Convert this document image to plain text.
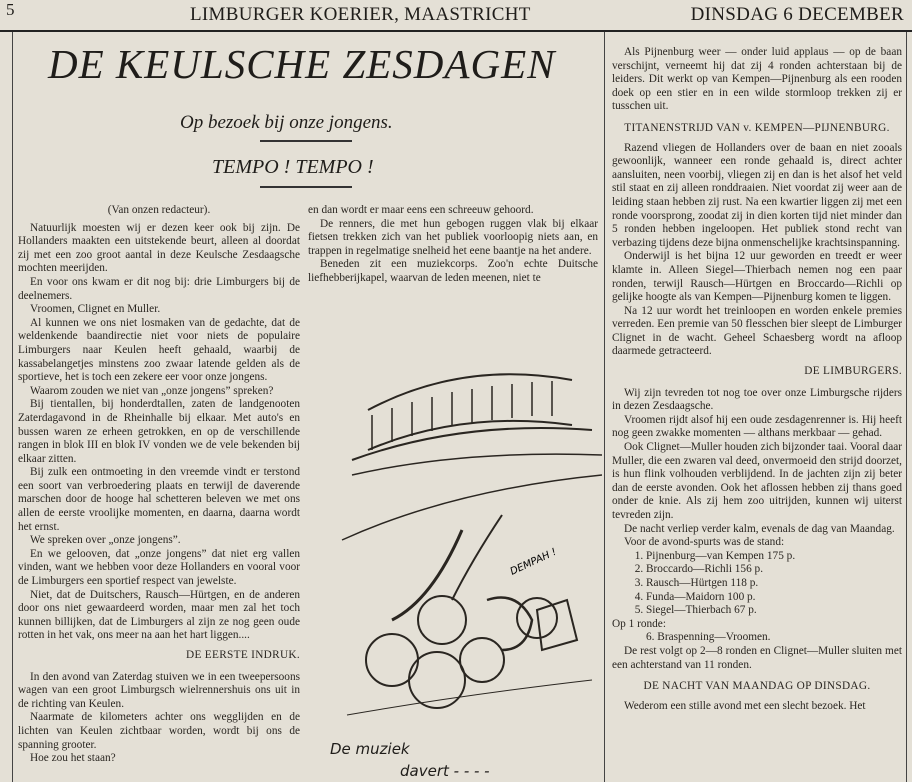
5	LIMBURGER KOERIER, MAASTRICHT	DINSDAG 6 DECEMBER
DE KEULSCHE ZESDAGEN
Op bezoek bij onze jongens.
TEMPO ! TEMPO !
(Van onzen redacteur).

Natuurlijk moesten wij er dezen keer ook bij zijn. De Hollanders maakten een uitstekende beurt, alleen al doordat zij met een zoo groot aantal in deze Keulsche Zesdaagsche mochten meerijden.

En voor ons kwam er dit nog bij: drie Limburgers bij de deelnemers.

Vroomen, Clignet en Muller.

Al kunnen we ons niet losmaken van de gedachte, dat de weldenkende baandirectie niet voor niets de populaire Limburgers naar Keulen heeft gehaald, waarbij de kassabelangetjes minstens zoo zwaar latende gelden als de sportieve, het is toch een zekere eer voor onze jongens.

Waarom zouden we niet van „onze jongens” spreken?

Bij tientallen, bij honderdtallen, zaten de landgenooten Zaterdagavond in de Rheinhalle bij elkaar. Met auto's en bussen waren ze erheen getrokken, en op de verschillende rangen in blok III en blok IV vonden we de vele bekenden bij elkaar zitten.

Bij zulk een ontmoeting in den vreemde vindt er terstond een soort van verbroedering plaats en terwijl de daverende marschen door de hooge hal schetteren beleven we met ons allen de eerste vroolijke momenten, en daarna, daarna wordt het ernst.

We spreken over „onze jongens”.

En we gelooven, dat „onze jongens” dat niet erg vallen vinden, want we hebben voor deze Hollanders en vooral voor de Limburgers een sportief respect van jewelste.

Niet, dat de Duitschers, Rausch—Hürtgen, en de anderen door ons niet gewaardeerd worden, maar men zal het toch kunnen billijken, dat de Limburgers al zijn ze nog geen oude rotten in het vak, ons meer na aan het hart liggen....

DE EERSTE INDRUK.

In den avond van Zaterdag stuiven we in een tweepersoons wagen van een groot Limburgsch wielrennershuis ons uit in de richting van Keulen.

Naarmate de kilometers achter ons wegglijden en de lichten van Keulen zichtbaar worden, wordt bij ons de spanning grooter.

Hoe zou het staan?

en dan wordt er maar eens een schreeuw gehoord.

De renners, die met hun gebogen ruggen vlak bij elkaar fietsen trekken zich van het publiek voorloopig niets aan, en trappen in regelmatige snelheid het eene baantje na het andere.

Beneden zit een muziekcorps. Zoo'n echte Duitsche liefhebberijkapel, waarvan de leden meenen, niet te

DEMPAH !
De muziek
davert - - - -

Als Pijnenburg weer — onder luid applaus — op de baan verschijnt, verneemt hij dat zij 4 ronden achterstaan bij de leiders. Dit werkt op van Kempen—Pijnenburg als een rooden doek op een stier en in een wilde stormloop trekken zij er tusschen uit.

TITANENSTRIJD VAN v. KEMPEN—PIJNENBURG.

Razend vliegen de Hollanders over de baan en niet zooals gewoonlijk, wanneer een ronde gehaald is, direct achter aansluiten, neen voorbij, vliegen zij en dan is het alsof het veld stil staat en zij alleen ronddraaien. Niet voordat zij weer aan de leiding staan hebben zij rust. Na een kwartier liggen zij met een ronde voorsprong, zoodat zij in dien korten tijd niet minder dan 5 ronden hebben ingeloopen. Het publiek stond recht van verbazing tijdens deze bijna onmenschelijke krachtsinspanning.

Onderwijl is het bijna 12 uur geworden en treedt er weer klamte in. Alleen Siegel—Thierbach nemen nog een paar ronden, terwijl Rausch—Hürtgen en Broccardo—Richli op gelijke hoogte als van Kempen—Pijnenburg komen te liggen.

Na 12 uur wordt het treinloopen en worden enkele premies verreden. Een premie van 50 flesschen bier sleept de Limburger Clignet in de wacht. Geheel Schaesberg wordt na afloop daarmede getracteerd.

DE LIMBURGERS.

Wij zijn tevreden tot nog toe over onze Limburgsche rijders in dezen Zesdaagsche.

Vroomen rijdt alsof hij een oude zesdagenrenner is. Hij heeft nog geen zwakke momenten — althans merkbaar — gehad.

Ook Clignet—Muller houden zich bijzonder taai. Vooral daar Muller, die een zwaren val deed, onvermoeid den strijd doorzet, is hun flink volhouden verblijdend. In de jachten zijn zij beter dan de eerste avonden. Ook het aflossen hebben zij thans goed onder de knie. Als zij hem zoo uitrijden, kunnen wij uiterst tevreden zijn.

De nacht verliep verder kalm, evenals de dag van Maandag.

Voor de avond-spurts was de stand:

1. Pijnenburg—van Kempen 175 p.
2. Broccardo—Richli 156 p.
3. Rausch—Hürtgen 118 p.
4. Funda—Maidorn 100 p.
5. Siegel—Thierbach 67 p.

Op 1 ronde:

6. Braspenning—Vroomen.

De rest volgt op 2—8 ronden en Clignet—Muller sluiten met een achterstand van 11 ronden.

DE NACHT VAN MAANDAG OP DINSDAG.

Wederom een stille avond met een slecht bezoek. Het
